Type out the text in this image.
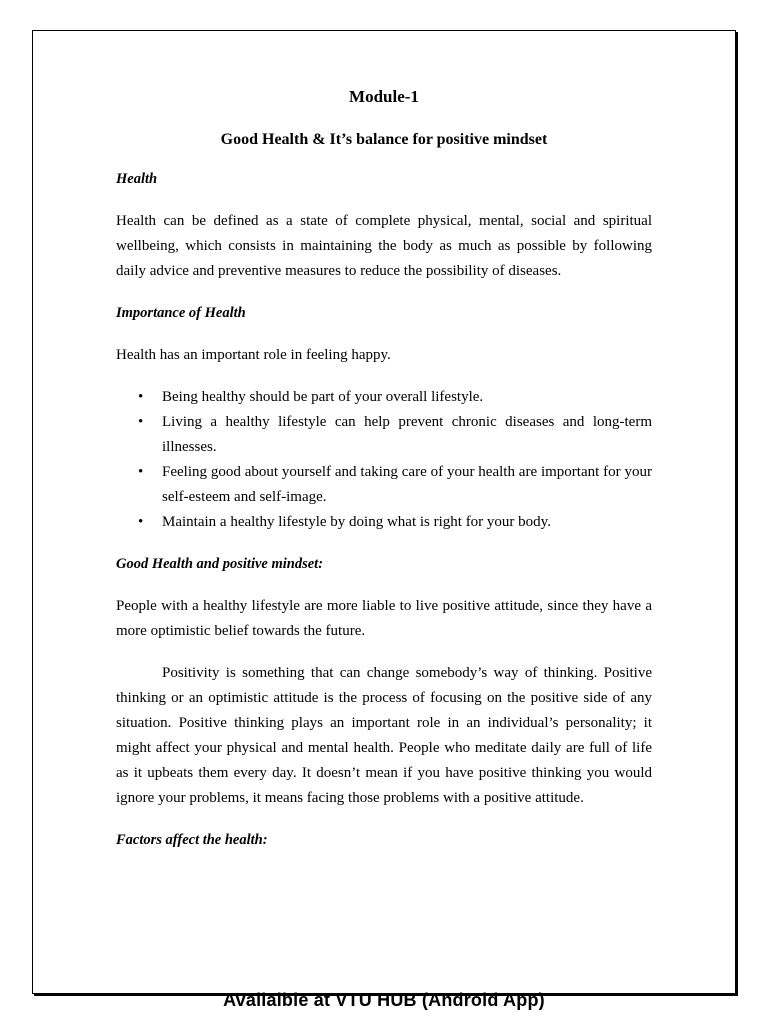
Module-1
Good Health & It’s balance for positive mindset

Health

Health can be defined as a state of complete physical, mental, social and spiritual wellbeing, which consists in maintaining the body as much as possible by following daily advice and preventive measures to reduce the possibility of diseases.

Importance of Health

Health has an important role in feeling happy.

• Being healthy should be part of your overall lifestyle.
• Living a healthy lifestyle can help prevent chronic diseases and long-term illnesses.
• Feeling good about yourself and taking care of your health are important for your self-esteem and self-image.
• Maintain a healthy lifestyle by doing what is right for your body.

Good Health and positive mindset:

People with a healthy lifestyle are more liable to live positive attitude, since they have a more optimistic belief towards the future.

Positivity is something that can change somebody’s way of thinking. Positive thinking or an optimistic attitude is the process of focusing on the positive side of any situation. Positive thinking plays an important role in an individual’s personality; it might affect your physical and mental health. People who meditate daily are full of life as it upbeats them every day. It doesn’t mean if you have positive thinking you would ignore your problems, it means facing those problems with a positive attitude.

Factors affect the health:

Availaible at VTU HUB (Android App)
